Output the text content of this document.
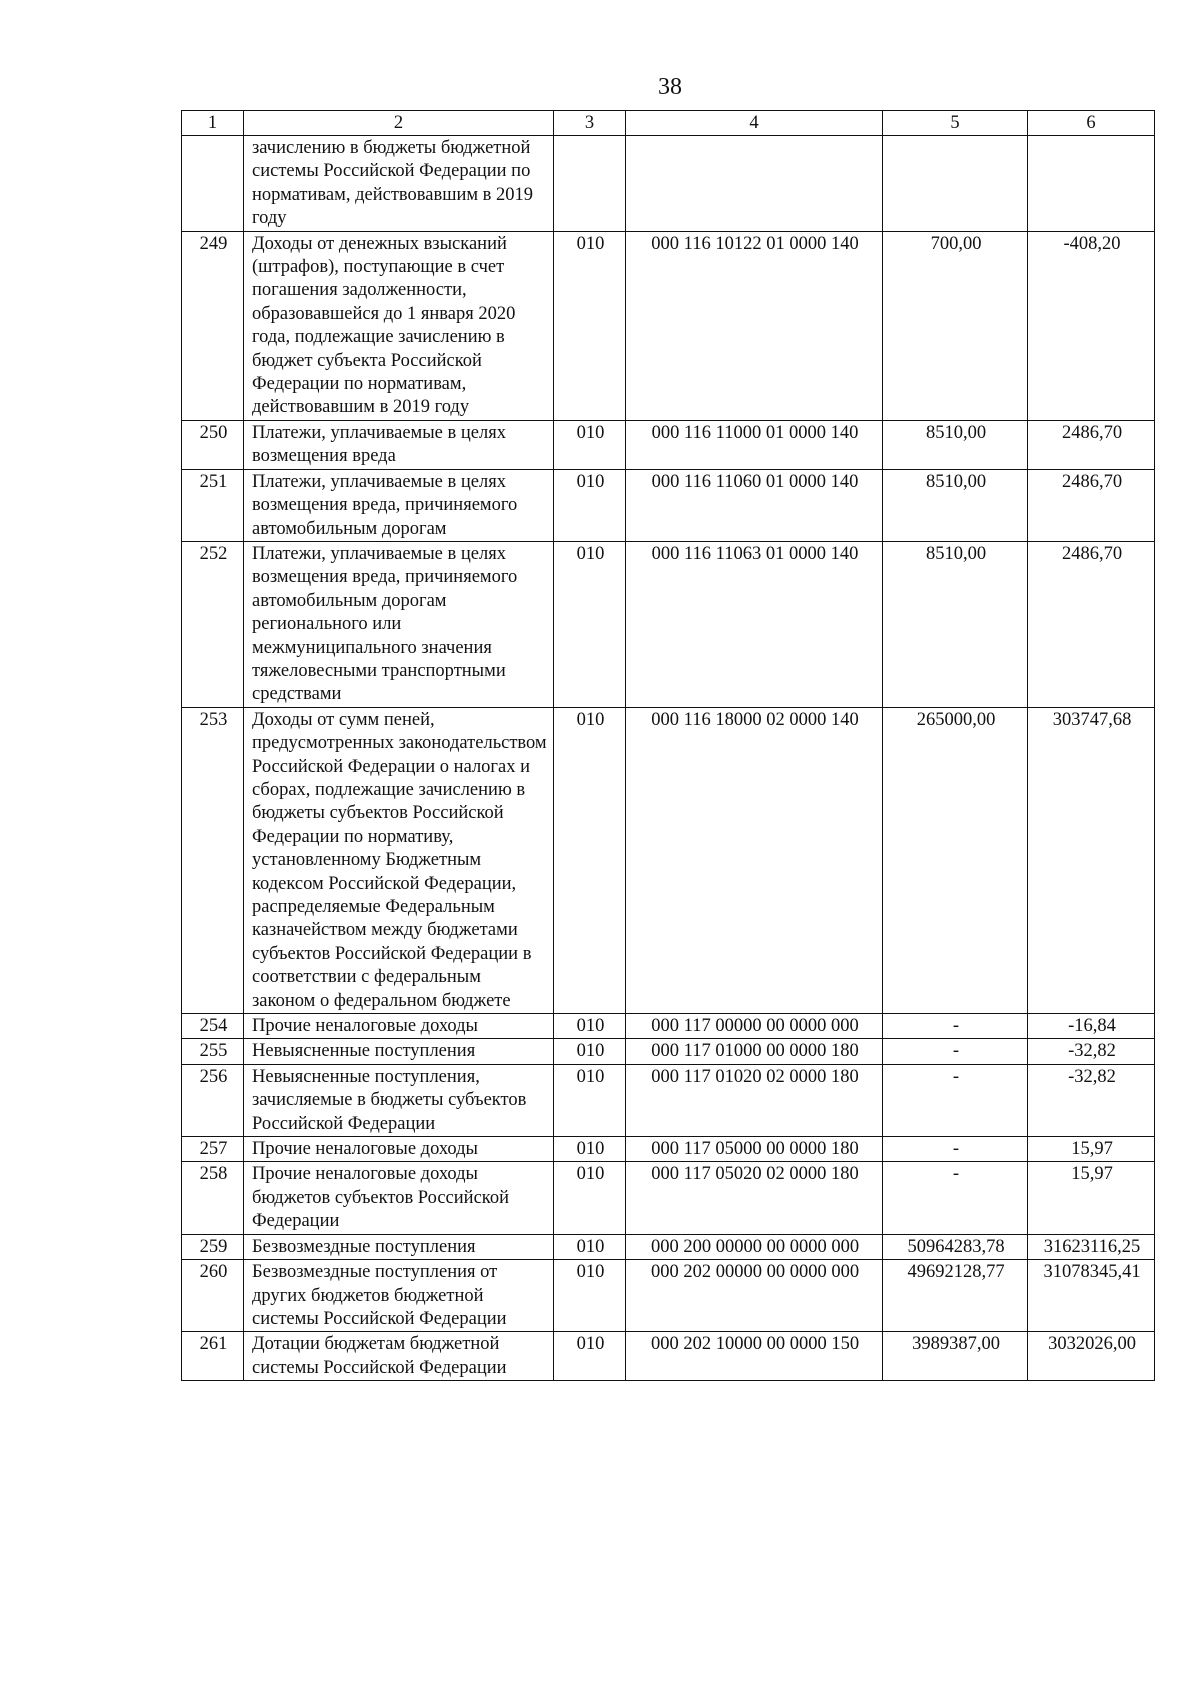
38
1	2	3	4	5	6
	зачислению в бюджеты бюджетной системы Российской Федерации по нормативам, действовавшим в 2019 году				
249	Доходы от денежных взысканий (штрафов), поступающие в счет погашения задолженности, образовавшейся до 1 января 2020 года, подлежащие зачислению в бюджет субъекта Российской Федерации по нормативам, действовавшим в 2019 году	010	000 116 10122 01 0000 140	700,00	-408,20
250	Платежи, уплачиваемые в целях возмещения вреда	010	000 116 11000 01 0000 140	8510,00	2486,70
251	Платежи, уплачиваемые в целях возмещения вреда, причиняемого автомобильным дорогам	010	000 116 11060 01 0000 140	8510,00	2486,70
252	Платежи, уплачиваемые в целях возмещения вреда, причиняемого автомобильным дорогам регионального или межмуниципального значения тяжеловесными транспортными средствами	010	000 116 11063 01 0000 140	8510,00	2486,70
253	Доходы от сумм пеней, предусмотренных законодательством Российской Федерации о налогах и сборах, подлежащие зачислению в бюджеты субъектов Российской Федерации по нормативу, установленному Бюджетным кодексом Российской Федерации, распределяемые Федеральным казначейством между бюджетами субъектов Российской Федерации в соответствии с федеральным законом о федеральном бюджете	010	000 116 18000 02 0000 140	265000,00	303747,68
254	Прочие неналоговые доходы	010	000 117 00000 00 0000 000	-	-16,84
255	Невыясненные поступления	010	000 117 01000 00 0000 180	-	-32,82
256	Невыясненные поступления, зачисляемые в бюджеты субъектов Российской Федерации	010	000 117 01020 02 0000 180	-	-32,82
257	Прочие неналоговые доходы	010	000 117 05000 00 0000 180	-	15,97
258	Прочие неналоговые доходы бюджетов субъектов Российской Федерации	010	000 117 05020 02 0000 180	-	15,97
259	Безвозмездные поступления	010	000 200 00000 00 0000 000	50964283,78	31623116,25
260	Безвозмездные поступления от других бюджетов бюджетной системы Российской Федерации	010	000 202 00000 00 0000 000	49692128,77	31078345,41
261	Дотации бюджетам бюджетной системы Российской Федерации	010	000 202 10000 00 0000 150	3989387,00	3032026,00
